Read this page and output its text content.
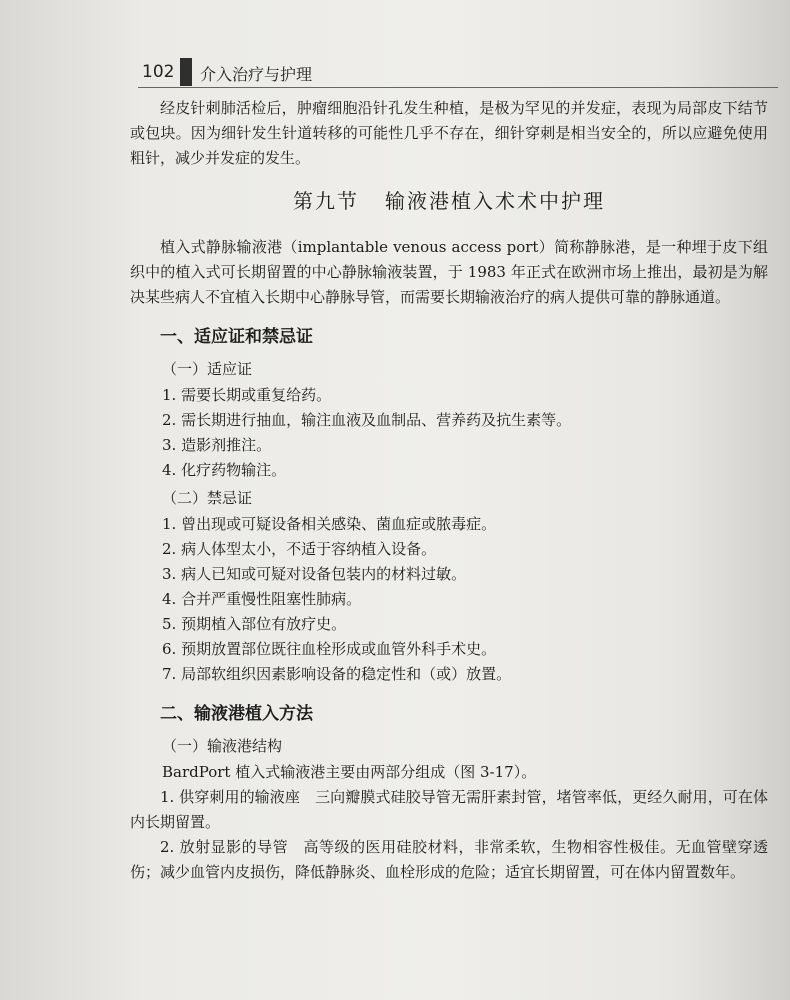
102 介入治疗与护理

经皮针刺肺活检后，肿瘤细胞沿针孔发生种植，是极为罕见的并发症，表现为局部皮下结节或包块。因为细针发生针道转移的可能性几乎不存在，细针穿刺是相当安全的，所以应避免使用粗针，减少并发症的发生。

第九节 输液港植入术术中护理

植入式静脉输液港（implantable venous access port）简称静脉港，是一种埋于皮下组织中的植入式可长期留置的中心静脉输液装置，于 1983 年正式在欧洲市场上推出，最初是为解决某些病人不宜植入长期中心静脉导管，而需要长期输液治疗的病人提供可靠的静脉通道。

一、适应证和禁忌证
（一）适应证
1. 需要长期或重复给药。
2. 需长期进行抽血，输注血液及血制品、营养药及抗生素等。
3. 造影剂推注。
4. 化疗药物输注。
（二）禁忌证
1. 曾出现或可疑设备相关感染、菌血症或脓毒症。
2. 病人体型太小，不适于容纳植入设备。
3. 病人已知或可疑对设备包装内的材料过敏。
4. 合并严重慢性阻塞性肺病。
5. 预期植入部位有放疗史。
6. 预期放置部位既往血栓形成或血管外科手术史。
7. 局部软组织因素影响设备的稳定性和（或）放置。
二、输液港植入方法
（一）输液港结构

BardPort 植入式输液港主要由两部分组成（图 3-17）。

1. 供穿刺用的输液座　三向瓣膜式硅胶导管无需肝素封管，堵管率低，更经久耐用，可在体内长期留置。

2. 放射显影的导管　高等级的医用硅胶材料，非常柔软，生物相容性极佳。无血管壁穿透伤；减少血管内皮损伤，降低静脉炎、血栓形成的危险；适宜长期留置，可在体内留置数年。
